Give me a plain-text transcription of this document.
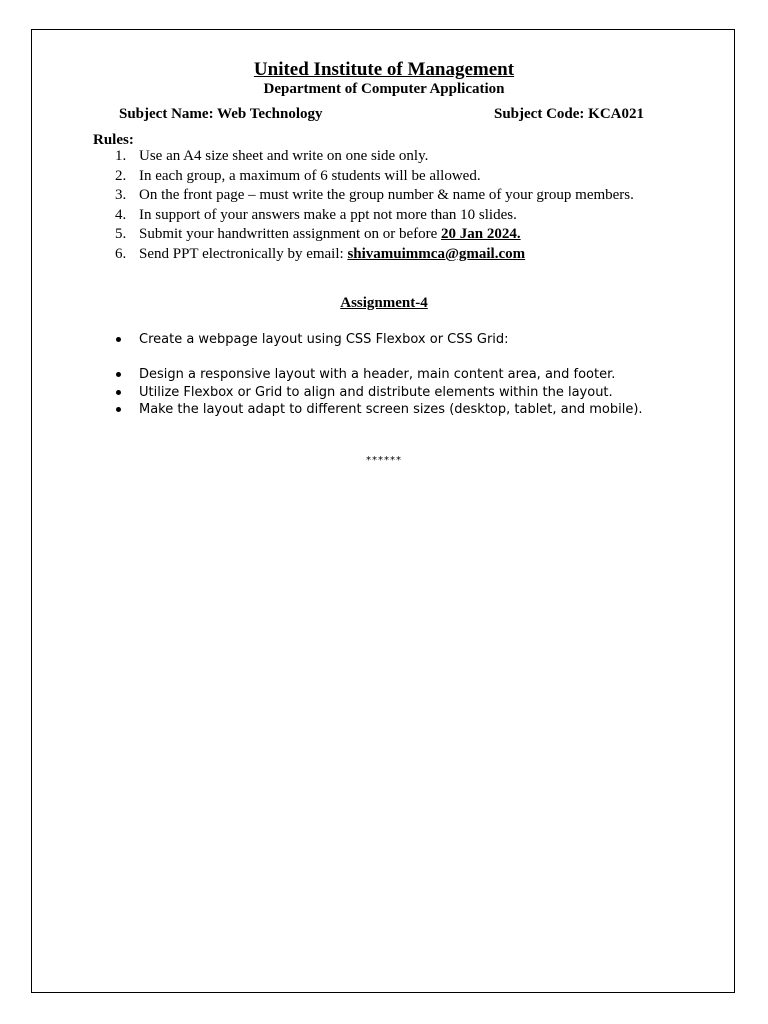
United Institute of Management
Department of Computer Application
Subject Name: Web Technology	Subject Code: KCA021
Rules:
1. Use an A4 size sheet and write on one side only.
2. In each group, a maximum of 6 students will be allowed.
3. On the front page – must write the group number & name of your group members.
4. In support of your answers make a ppt not more than 10 slides.
5. Submit your handwritten assignment on or before 20 Jan 2024.
6. Send PPT electronically by email: shivamuimmca@gmail.com
Assignment-4
Create a webpage layout using CSS Flexbox or CSS Grid:
Design a responsive layout with a header, main content area, and footer.
Utilize Flexbox or Grid to align and distribute elements within the layout.
Make the layout adapt to different screen sizes (desktop, tablet, and mobile).
******
